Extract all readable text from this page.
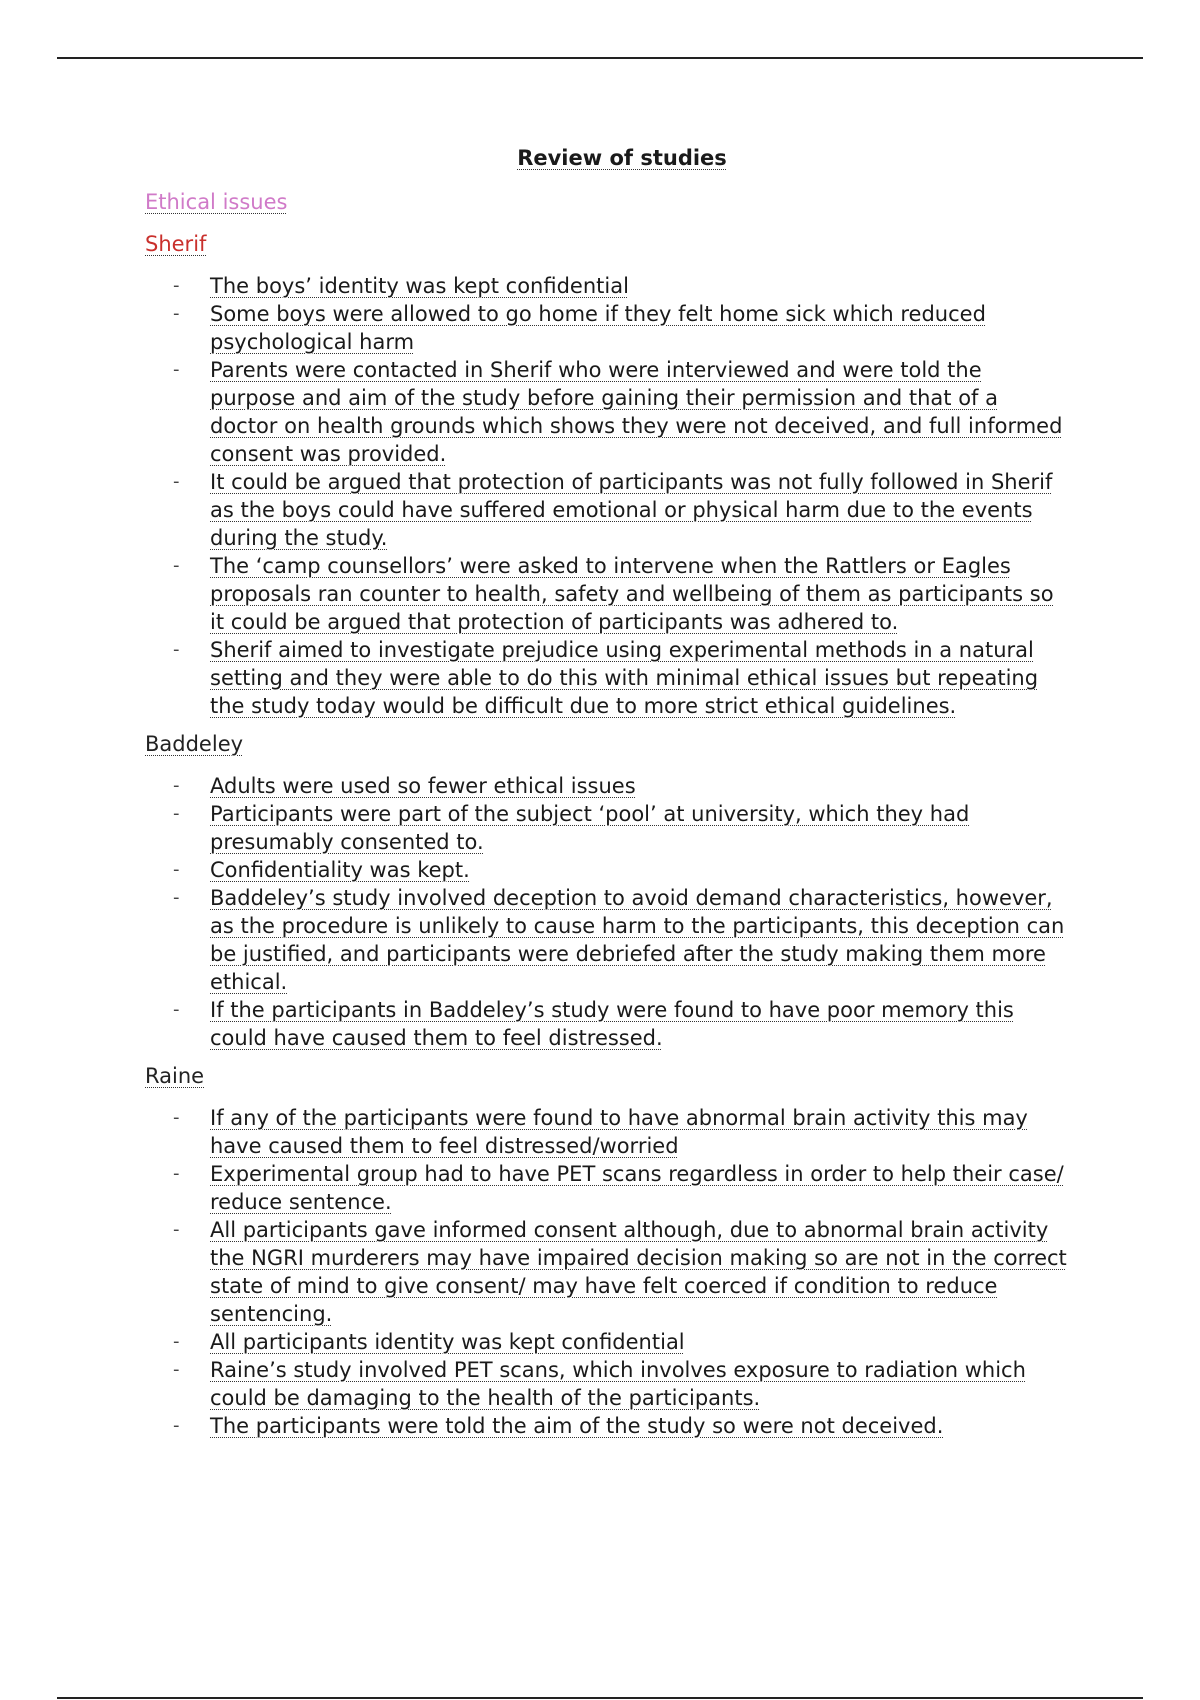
Review of studies
Ethical issues
Sherif
- The boys’ identity was kept confidential
- Some boys were allowed to go home if they felt home sick which reduced psychological harm
- Parents were contacted in Sherif who were interviewed and were told the purpose and aim of the study before gaining their permission and that of a doctor on health grounds which shows they were not deceived, and full informed consent was provided.
- It could be argued that protection of participants was not fully followed in Sherif as the boys could have suffered emotional or physical harm due to the events during the study.
- The ‘camp counsellors’ were asked to intervene when the Rattlers or Eagles proposals ran counter to health, safety and wellbeing of them as participants so it could be argued that protection of participants was adhered to.
- Sherif aimed to investigate prejudice using experimental methods in a natural setting and they were able to do this with minimal ethical issues but repeating the study today would be difficult due to more strict ethical guidelines.
Baddeley
- Adults were used so fewer ethical issues
- Participants were part of the subject ‘pool’ at university, which they had presumably consented to.
- Confidentiality was kept.
- Baddeley’s study involved deception to avoid demand characteristics, however, as the procedure is unlikely to cause harm to the participants, this deception can be justified, and participants were debriefed after the study making them more ethical.
- If the participants in Baddeley’s study were found to have poor memory this could have caused them to feel distressed.
Raine
- If any of the participants were found to have abnormal brain activity this may have caused them to feel distressed/worried
- Experimental group had to have PET scans regardless in order to help their case/ reduce sentence.
- All participants gave informed consent although, due to abnormal brain activity the NGRI murderers may have impaired decision making so are not in the correct state of mind to give consent/ may have felt coerced if condition to reduce sentencing.
- All participants identity was kept confidential
- Raine’s study involved PET scans, which involves exposure to radiation which could be damaging to the health of the participants.
- The participants were told the aim of the study so were not deceived.
